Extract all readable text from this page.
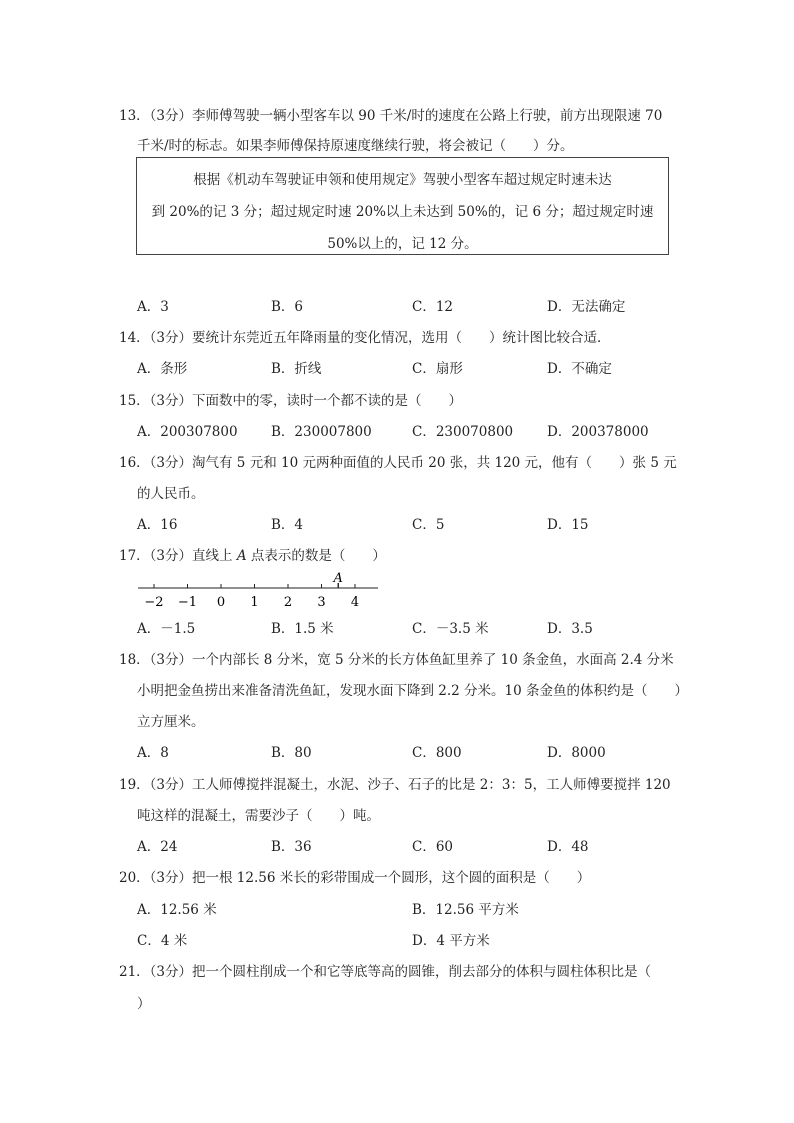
13．（3分）李师傅驾驶一辆小型客车以 90 千米/时的速度在公路上行驶，前方出现限速 70
千米/时的标志。如果李师傅保持原速度继续行驶，将会被记（　　）分。
根据《机动车驾驶证申领和使用规定》驾驶小型客车超过规定时速未达
到 20%的记 3 分；超过规定时速 20%以上未达到 50%的，记 6 分；超过规定时速
50%以上的，记 12 分。
A．3	B．6	C．12	D．无法确定
14．（3分）要统计东莞近五年降雨量的变化情况，选用（　　）统计图比较合适．
A．条形	B．折线	C．扇形	D．不确定
15．（3分）下面数中的零，读时一个都不读的是（　　）
A．200307800 B．230007800	C．230070800	D．200378000
16．（3分）淘气有 5 元和 10 元两种面值的人民币 20 张，共 120 元，他有（　　）张 5 元
的人民币。
A．16	B．4	C．5	D．15
17．（3分）直线上 A 点表示的数是（　　）
−2 −1 0 1 2 3 4
A
A．－1.5	B．1.5 米	C．－3.5 米	D．3.5
18．（3分）一个内部长 8 分米，宽 5 分米的长方体鱼缸里养了 10 条金鱼，水面高 2.4 分米
小明把金鱼捞出来准备清洗鱼缸，发现水面下降到 2.2 分米。10 条金鱼的体积约是（　　）
立方厘米。
A．8	B．80	C．800	D．8000
19．（3分）工人师傅搅拌混凝土，水泥、沙子、石子的比是 2：3：5，工人师傅要搅拌 120
吨这样的混凝土，需要沙子（　　）吨。
A．24	B．36	C．60	D．48
20．（3分）把一根 12.56 米长的彩带围成一个圆形，这个圆的面积是（　　）
A．12.56 米	B．12.56 平方米
C．4 米	D．4 平方米
21．（3分）把一个圆柱削成一个和它等底等高的圆锥，削去部分的体积与圆柱体积比是（
）
